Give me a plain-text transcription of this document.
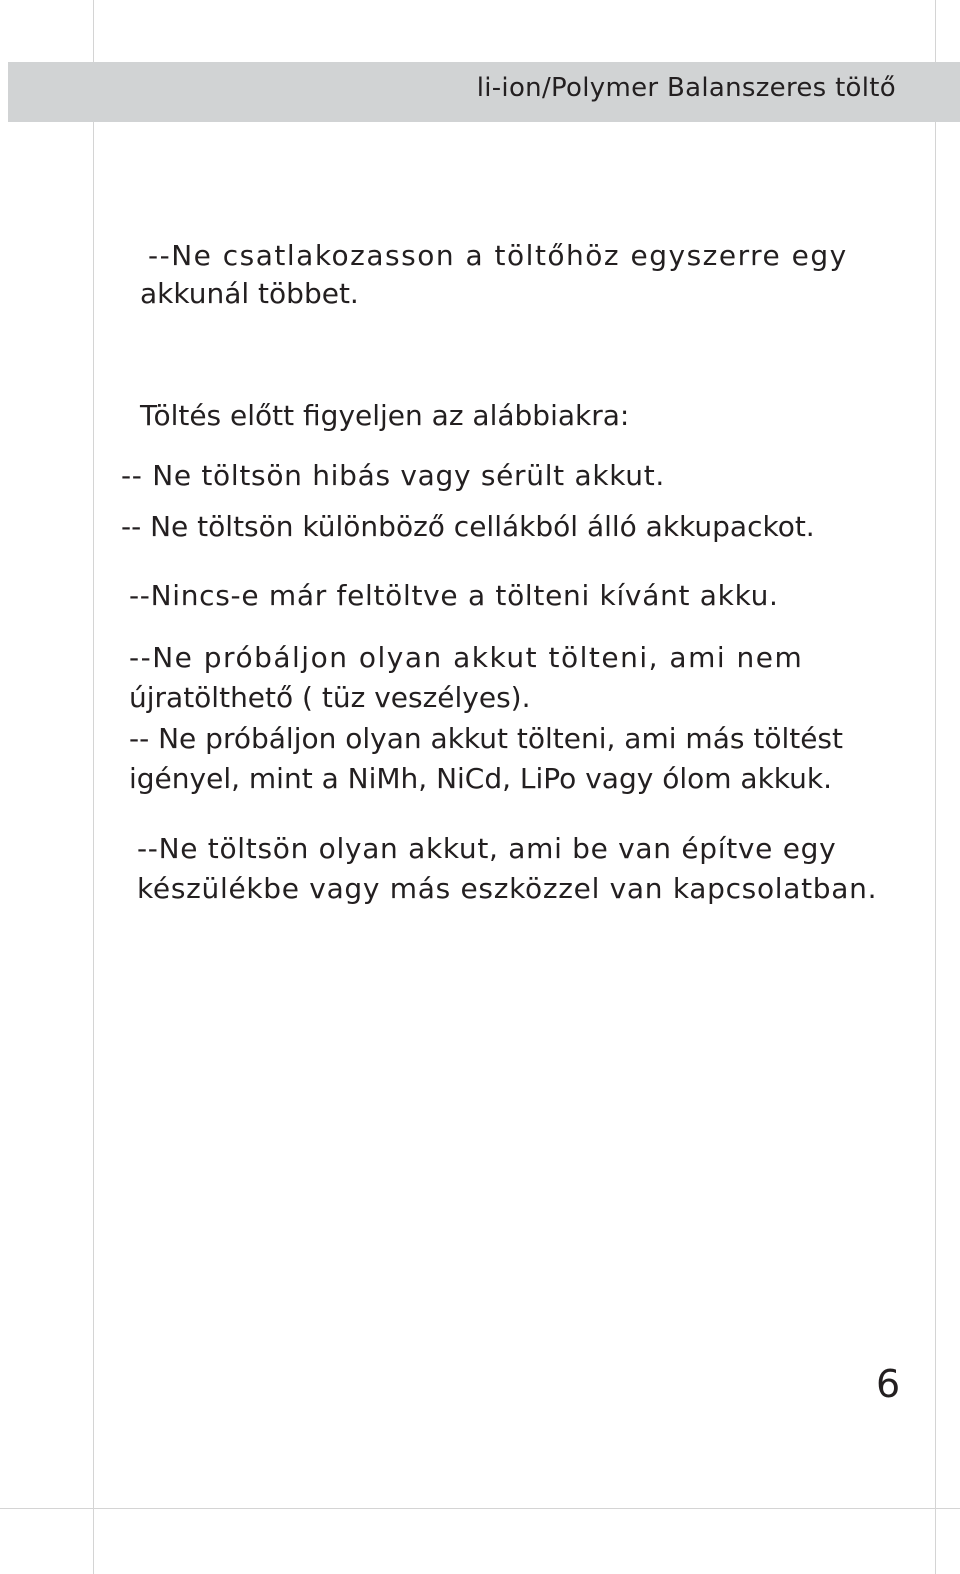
li-ion/Polymer Balanszeres töltő
--Ne csatlakozasson a töltőhöz egyszerre egy
akkunál többet.
Töltés előtt figyeljen az alábbiakra:
-- Ne töltsön hibás vagy sérült akkut.
-- Ne töltsön különböző cellákból álló akkupackot.
--Nincs-e már feltöltve a tölteni kívánt akku.
--Ne próbáljon olyan akkut tölteni, ami nem
újratölthető ( tüz veszélyes).
-- Ne próbáljon olyan akkut tölteni, ami más töltést
igényel, mint a NiMh, NiCd, LiPo vagy ólom akkuk.
--Ne töltsön olyan akkut, ami be van építve egy
készülékbe vagy más eszközzel van kapcsolatban.
6
